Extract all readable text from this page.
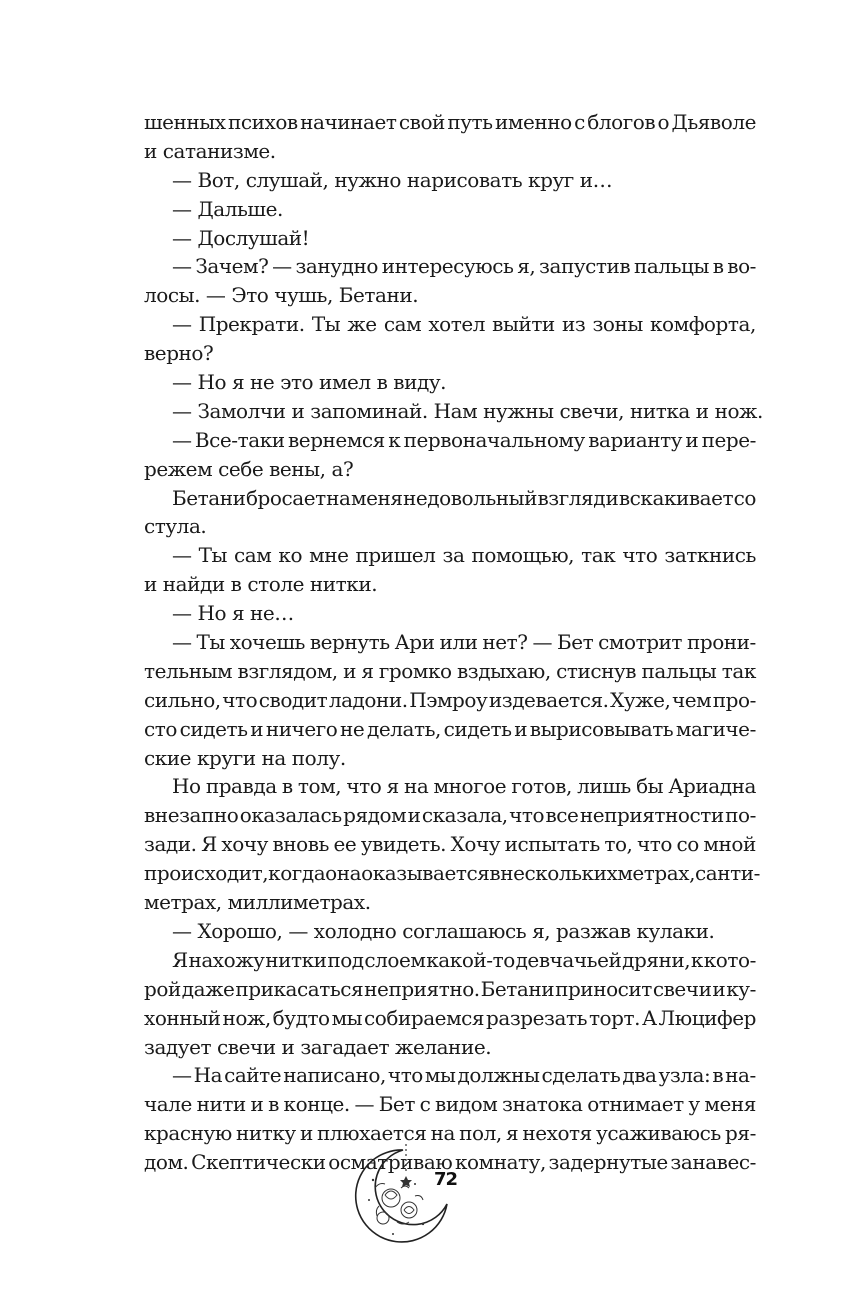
шенных психов начинает свой путь именно с блогов о Дьяволе
и сатанизме.
— Вот, слушай, нужно нарисовать круг и…
— Дальше.
— Дослушай!
— Зачем? — занудно интересуюсь я, запустив пальцы в во-
лосы. — Это чушь, Бетани.
— Прекрати. Ты же сам хотел выйти из зоны комфорта,
верно?
— Но я не это имел в виду.
— Замолчи и запоминай. Нам нужны свечи, нитка и нож.
— Все-таки вернемся к первоначальному варианту и пере-
режем себе вены, а?
Бетани бросает на меня недовольный взгляд и вскакивает со
стула.
— Ты сам ко мне пришел за помощью, так что заткнись
и найди в столе нитки.
— Но я не…
— Ты хочешь вернуть Ари или нет? — Бет смотрит прони-
тельным взглядом, и я громко вздыхаю, стиснув пальцы так
сильно, что сводит ладони. Пэмроу издевается. Хуже, чем про-
сто сидеть и ничего не делать, сидеть и вырисовывать магиче-
ские круги на полу.
Но правда в том, что я на многое готов, лишь бы Ариадна
внезапно оказалась рядом и сказала, что все неприятности по-
зади. Я хочу вновь ее увидеть. Хочу испытать то, что со мной
происходит, когда она оказывается в нескольких метрах, санти-
метрах, миллиметрах.
— Хорошо, — холодно соглашаюсь я, разжав кулаки.
Я нахожу нитки под слоем какой-то девчачьей дряни, к кото-
рой даже прикасаться неприятно. Бетани приносит свечи и ку-
хонный нож, будто мы собираемся разрезать торт. А Люцифер
задует свечи и загадает желание.
— На сайте написано, что мы должны сделать два узла: в на-
чале нити и в конце. — Бет с видом знатока отнимает у меня
красную нитку и плюхается на пол, я нехотя усаживаюсь ря-
дом. Скептически осматриваю комнату, задернутые занавес-
72
